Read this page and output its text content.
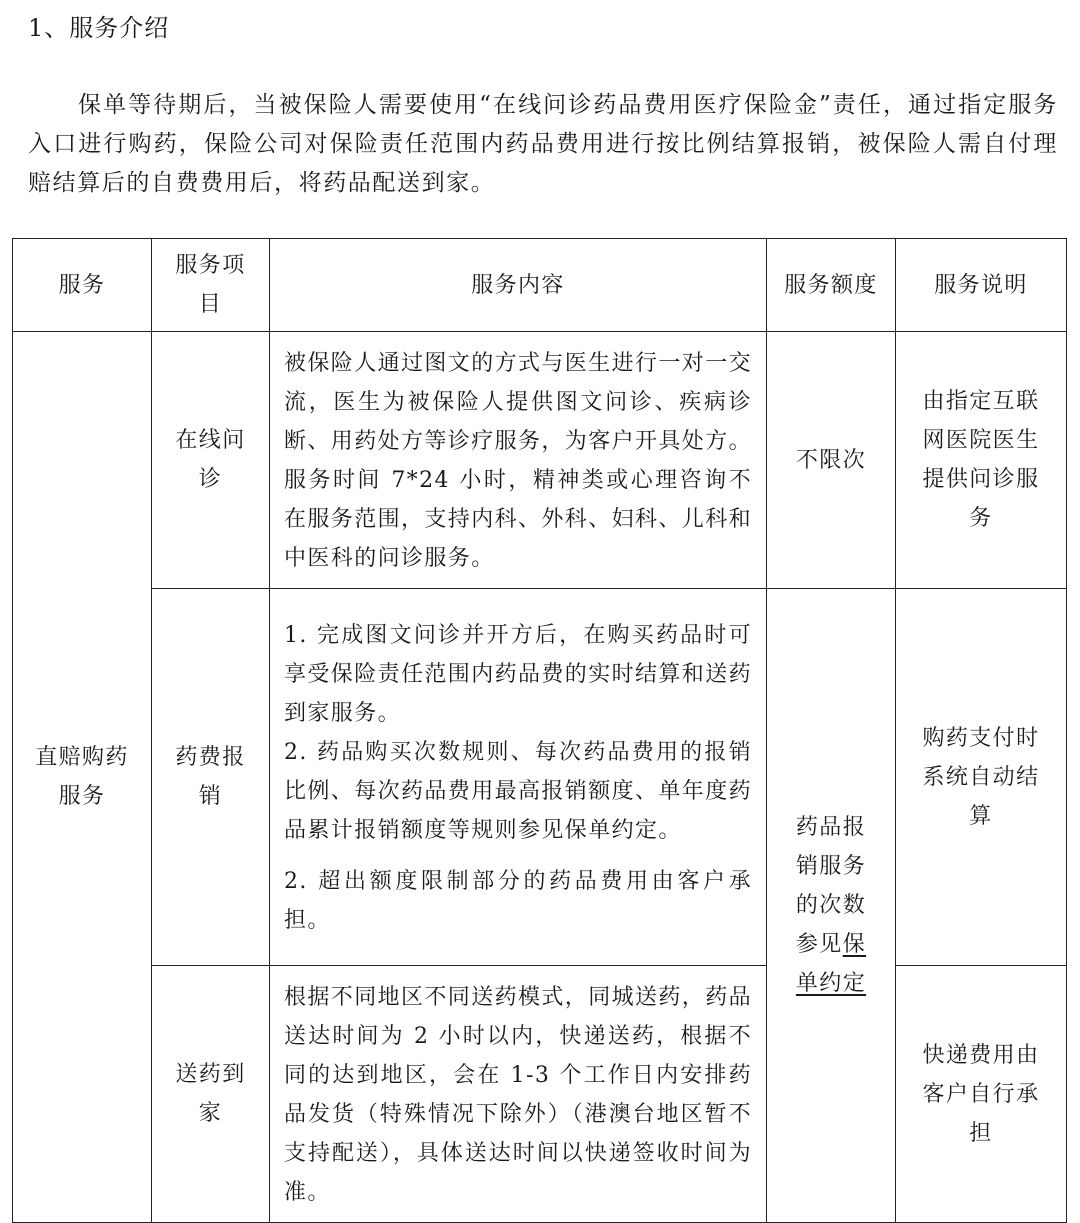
1、服务介绍
保单等待期后，当被保险人需要使用“在线问诊药品费用医疗保险金”责任，通过指定服务入口进行购药，保险公司对保险责任范围内药品费用进行按比例结算报销，被保险人需自付理赔结算后的自费费用后，将药品配送到家。
服务	服务项目	服务内容	服务额度	服务说明
直赔购药服务	在线问诊	被保险人通过图文的方式与医生进行一对一交流，医生为被保险人提供图文问诊、疾病诊断、用药处方等诊疗服务，为客户开具处方。服务时间 7*24 小时，精神类或心理咨询不在服务范围，支持内科、外科、妇科、儿科和中医科的问诊服务。	不限次	由指定互联网医院医生提供问诊服务
	药费报销	1. 完成图文问诊并开方后，在购买药品时可享受保险责任范围内药品费的实时结算和送药到家服务。

2. 药品购买次数规则、每次药品费用的报销比例、每次药品费用最高报销额度、单年度药品累计报销额度等规则参见保单约定。

2. 超出额度限制部分的药品费用由客户承担。	药品报销服务的次数参见保单约定	购药支付时系统自动结算
	送药到家	根据不同地区不同送药模式，同城送药，药品送达时间为 2 小时以内，快递送药，根据不同的达到地区，会在 1-3 个工作日内安排药品发货（特殊情况下除外）（港澳台地区暂不支持配送），具体送达时间以快递签收时间为准。		快递费用由客户自行承担
